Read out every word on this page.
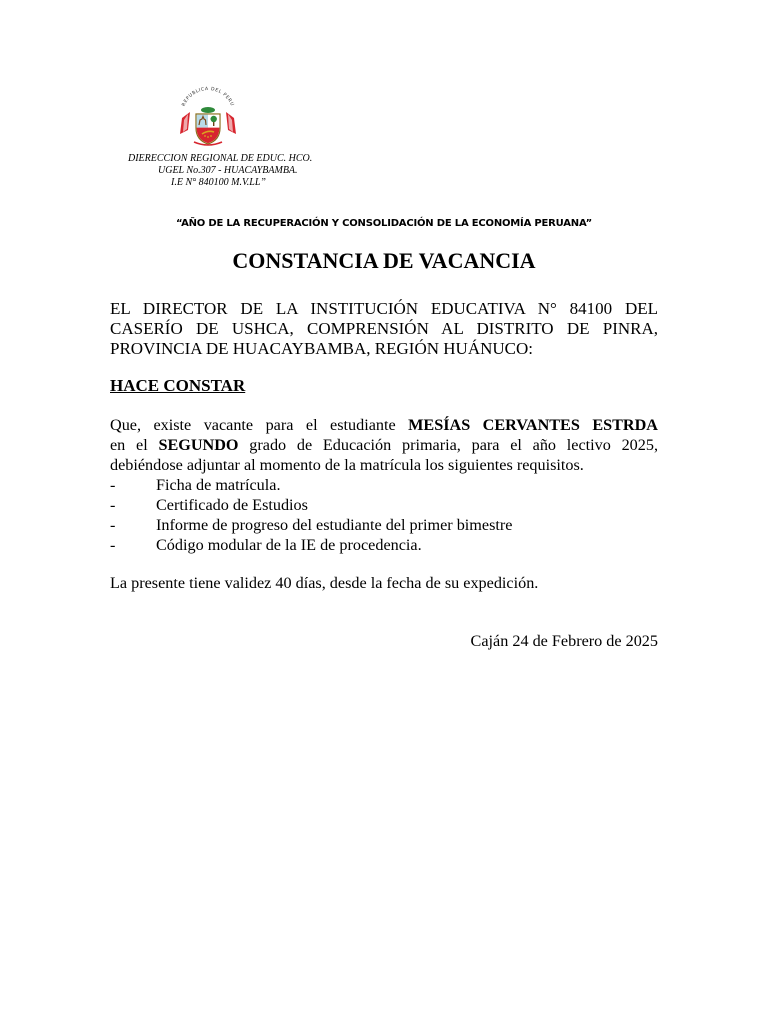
REPUBLICA DEL PERU
DIERECCION REGIONAL DE EDUC. HCO.
UGEL No.307 - HUACAYBAMBA.
I.E N° 840100 M.V.LL”
“AÑO DE LA RECUPERACIÓN Y CONSOLIDACIÓN DE LA ECONOMÍA PERUANA”
CONSTANCIA DE VACANCIA
EL DIRECTOR DE LA INSTITUCIÓN EDUCATIVA N° 84100 DEL
CASERÍO DE USHCA, COMPRENSIÓN AL DISTRITO DE PINRA,
PROVINCIA DE HUACAYBAMBA, REGIÓN HUÁNUCO:
HACE CONSTAR
Que, existe vacante para el estudiante MESÍAS CERVANTES ESTRDA
en el SEGUNDO grado de Educación primaria, para el año lectivo 2025,
debiéndose adjuntar al momento de la matrícula los siguientes requisitos.
-	Ficha de matrícula.
-	Certificado de Estudios
-	Informe de progreso del estudiante del primer bimestre
-	Código modular de la IE de procedencia.
La presente tiene validez 40 días, desde la fecha de su expedición.
Caján 24 de Febrero de 2025
